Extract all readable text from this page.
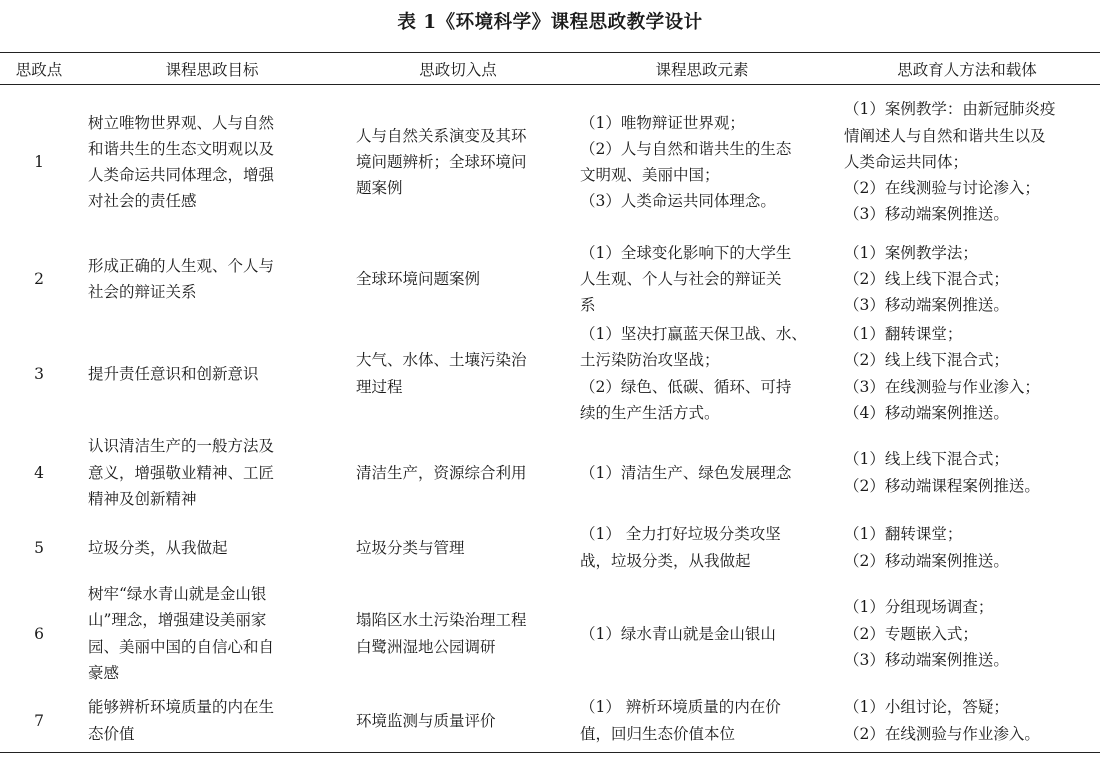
表 1《环境科学》课程思政教学设计
思政点	课程思政目标	思政切入点	课程思政元素	思政育人方法和载体
1	树立唯物世界观、人与自然
和谐共生的生态文明观以及
人类命运共同体理念，增强
对社会的责任感	人与自然关系演变及其环
境问题辨析；全球环境问
题案例	（1）唯物辩证世界观；
（2）人与自然和谐共生的生态
文明观、美丽中国；
（3）人类命运共同体理念。	（1）案例教学：由新冠肺炎疫
情阐述人与自然和谐共生以及
人类命运共同体；
（2）在线测验与讨论渗入；
（3）移动端案例推送。
2	形成正确的人生观、个人与
社会的辩证关系	全球环境问题案例	（1）全球变化影响下的大学生
人生观、个人与社会的辩证关
系	（1）案例教学法；
（2）线上线下混合式；
（3）移动端案例推送。
3	提升责任意识和创新意识	大气、水体、土壤污染治
理过程	（1）坚决打赢蓝天保卫战、水、
土污染防治攻坚战；
（2）绿色、低碳、循环、可持
续的生产生活方式。	（1）翻转课堂；
（2）线上线下混合式；
（3）在线测验与作业渗入；
（4）移动端案例推送。
4	认识清洁生产的一般方法及
意义，增强敬业精神、工匠
精神及创新精神	清洁生产，资源综合利用	（1）清洁生产、绿色发展理念	（1）线上线下混合式；
（2）移动端课程案例推送。
5	垃圾分类，从我做起	垃圾分类与管理	（1） 全力打好垃圾分类攻坚
战，垃圾分类，从我做起	（1）翻转课堂；
（2）移动端案例推送。
6	树牢“绿水青山就是金山银
山”理念，增强建设美丽家
园、美丽中国的自信心和自
豪感	塌陷区水土污染治理工程
白鹭洲湿地公园调研	（1）绿水青山就是金山银山	（1）分组现场调查；
（2）专题嵌入式；
（3）移动端案例推送。
7	能够辨析环境质量的内在生
态价值	环境监测与质量评价	（1） 辨析环境质量的内在价
值，回归生态价值本位	（1）小组讨论，答疑；
（2）在线测验与作业渗入。
